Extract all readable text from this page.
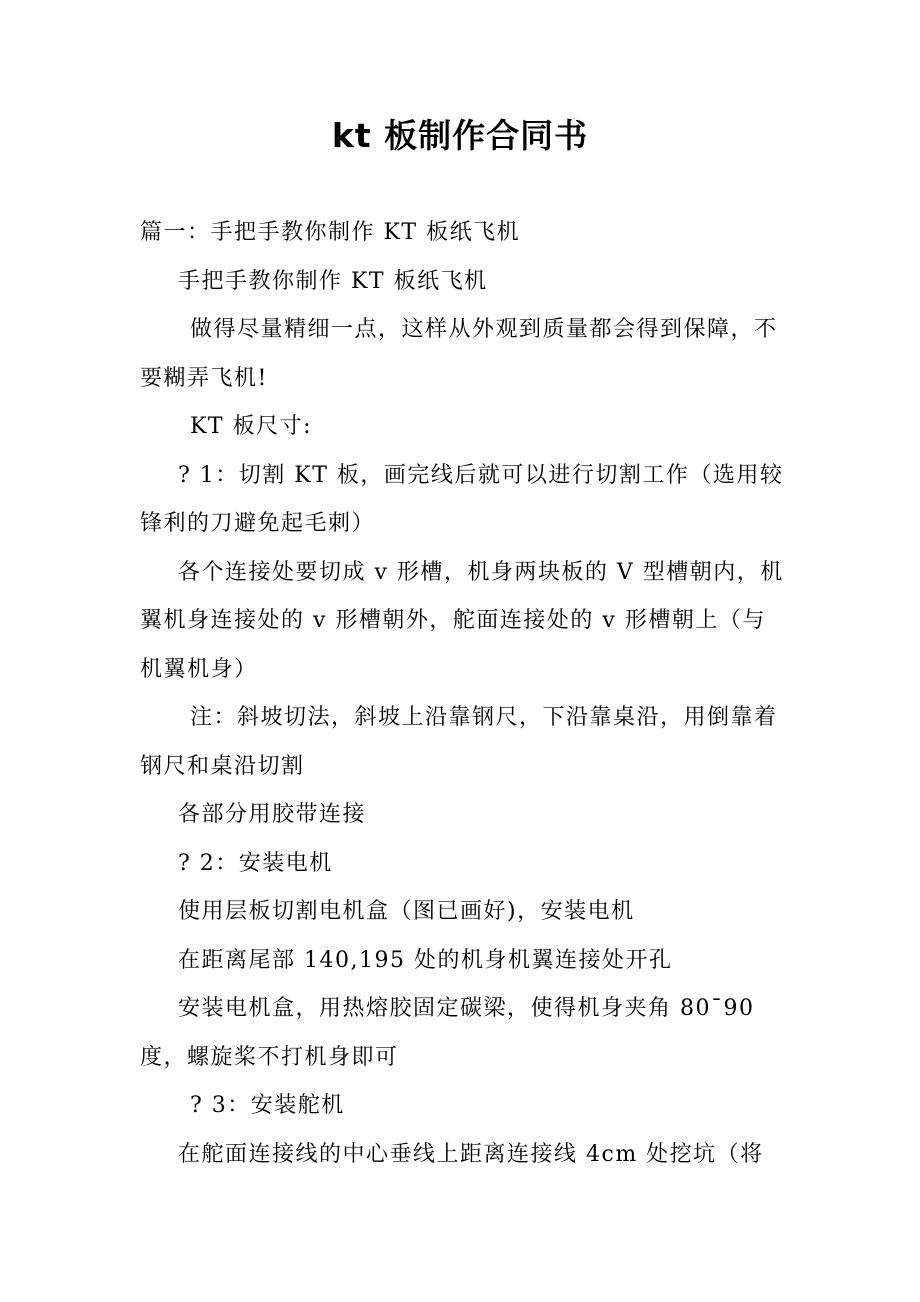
kt 板制作合同书

篇一：手把手教你制作 KT 板纸飞机

手把手教你制作 KT 板纸飞机

做得尽量精细一点，这样从外观到质量都会得到保障，不要糊弄飞机!

KT 板尺寸:

? 1：切割 KT 板，画完线后就可以进行切割工作（选用较锋利的刀避免起毛刺）

各个连接处要切成 v 形槽，机身两块板的 V 型槽朝内，机翼机身连接处的 v 形槽朝外，舵面连接处的 v 形槽朝上（与机翼机身）

注：斜坡切法，斜坡上沿靠钢尺，下沿靠桌沿，用倒靠着钢尺和桌沿切割

各部分用胶带连接

? 2：安装电机

使用层板切割电机盒（图已画好)，安装电机

在距离尾部 140,195 处的机身机翼连接处开孔

安装电机盒，用热熔胶固定碳梁，使得机身夹角 80¯90 度，螺旋桨不打机身即可

? 3：安装舵机

在舵面连接线的中心垂线上距离连接线 4cm 处挖坑（将
